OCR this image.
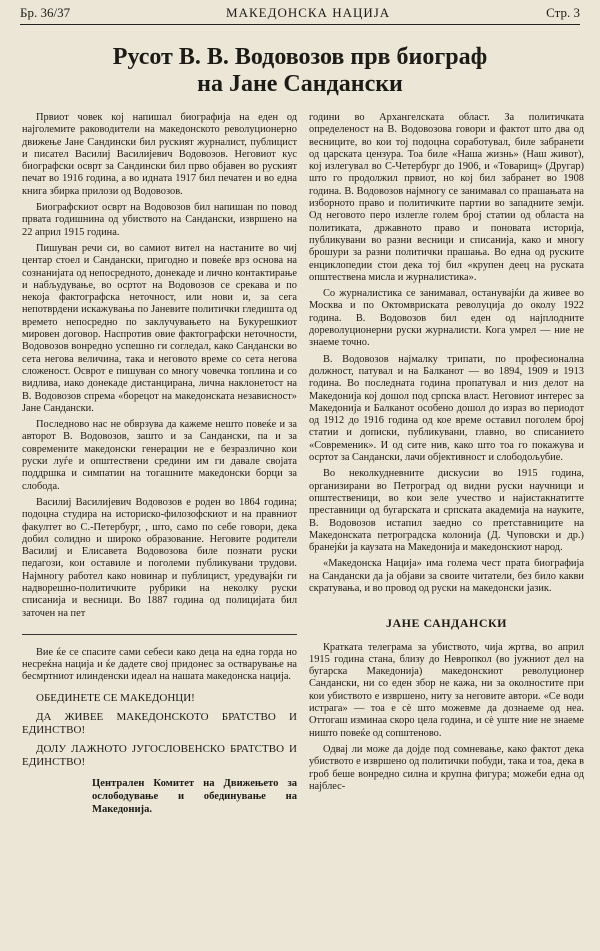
Бр. 36/37	МАКЕДОНСКА НАЦИЈА	Стр. 3
Русот В. В. Водовозов прв биограф
на Јане Сандански

Првиот човек кој напишал биографија на еден од најголемите раководители на македонското револуционерно движење Јане Сандински бил руският журналист, публицист и писател Василиј Василијевич Водовозов. Неговиот кус биографски осврт за Сандински бил прво објавен во руският печат во 1916 година, а во идната 1917 бил печатен и во една книга збирка прилози од Водовозов.

Биографскиот осврт на Водовозов бил напишан по повод првата годишнина од убиството на Сандански, извршено на 22 април 1915 година.

Пишуван речи си, во самиот вител на настаните во чиј центар стоел и Сандански, пригодно и повеќе врз основа на сознанијата од непосредното, донекаде и лично контактирање и набљудување, во осртот на Водовозов се срекава и по некоја фактографска неточност, или нови и, за сега непотврдени искажувања по Јаневите политички гледишта од времето непосредно по заклучувањето на Букурешкиот мировен договор. Наспротив овие фактографски неточности, Водовозов вонредно успешно ги согледал, како Сандански во сета негова величина, така и неговото време со сета негова сложеност. Осврот е пишуван со многу човечка топлина и со видлива, иако донекаде дистанцирана, лична наклонетост на В. Водовозов спрема «борецот на македонската независност» Јане Сандански.

Последново нас не обврзува да кажеме нешто повеќе и за авторот В. Водовозов, зашто и за Сандански, па и за современите македонски генерации не е безразлично кои руски луѓе и општествени средини им ги давале својата поддршка и симпатии на тогашните македонски борци за слобода.

Василиј Василијевич Водовозов е роден во 1864 година; подоцна студира на историско-филозофскиот и на правниот факултет во С.-Петербург, , што, само по себе говори, дека добил солидно и широко образование. Неговите родители Василиј и Елисавета Водовозова биле познати руски педагози, кои оставиле и поголеми публикувани трудови. Најмногу работел како новинар и публицист, уредувајќи ги надворешно-политичките рубрики на неколку руски списанија и весници. Во 1887 година од полицијата бил заточен на пет

Вие ќе се спасите сами себеси како деца на една горда но несреќна нација и ќе дадете свој придонес за остварување на бесмртниот илинденски идеал на нашата македонска нација.

ОБЕДИНЕТЕ СЕ МАКЕДОНЦИ!

ДА ЖИВЕЕ МАКЕДОНСКОТО БРАТСТВО И ЕДИНСТВО!

ДОЛУ ЛАЖНОТО ЈУГОСЛОВЕНСКО БРАТСТВО И ЕДИНСТВО!

Централен Комитет на Движењето за ослободување и обединување на Македонија.

години во Архангелската област. За политичката определеност на В. Водовозова говори и фактот што два од весниците, во кои тој подоцна соработувал, биле забранети од царската цензура. Тоа биле «Наша жизнь» (Наш живот), кој излегувал во С-Четербург до 1906, и «Товарищ» (Другар) што го продолжил првиот, но кој бил забранет во 1908 година. В. Водовозов најмногу се занимавал со прашањата на изборното право и политичките партии во западните земји. Од неговото перо излегле голем број статии од областа на политиката, државното право и поновата историја, публикувани во разни весници и списанија, како и многу брошури за разни политички прашања. Во една од руските енциклопедии стои дека тој бил «крупен деец на руската општествена мисла и журналистика».

Со журналистика се занимавал, останувајќи да живее во Москва и по Октомвриската револуција до околу 1922 година. В. Водовозов бил еден од најплодните дореволуционерни руски журналисти. Кога умрел — ние не знаеме точно.

В. Водовозов најмалку трипати, по професионална должност, патувал и на Балканот — во 1894, 1909 и 1913 година. Во последната година пропатувал и низ делот на Македонија кој дошол под српска власт. Неговиот интерес за Македонија и Балканот особено дошол до израз во периодот од 1912 до 1916 година од кое време оставил поголем број статии и дописки, публикувани, главно, во списанието «Современик». И од сите нив, како што тоа го покажува и осртот за Сандански, лачи објективност и слободољубие.

Во неколкудневните дискусии во 1915 година, организирани во Петроград од видни руски научници и општественици, во кои зеле учество и најистакнатитте преставници од бугарската и српската академија на науките, В. Водовозов истапил заедно со претставниците на Македонската петроградска колонија (Д. Чуповски и др.) бранејќи ја каузата на Македонија и македонскиот народ.

«Македонска Нација» има голема чест прата биографија на Сандански да ја објави за своите читатели, без било какви скратувања, и во провод од руски на македонски јазик.

ЈАНЕ САНДАНСКИ

Кратката телеграма за убиството, чија жртва, во април 1915 година стана, близу до Невропкол (во јужниот дел на бугарска Македонија) македонскиот револуционер Сандански, ни со еден збор не кажа, ни за околностите при кои убиството е извршено, ниту за неговите автори. «Се води истрага» — тоа е сè што можевме да дознаеме од неа. Оттогаш изминаа скоро цела година, и сè уште ние не знаеме ништо повеќе од сопштеново.

Одвај ли може да дојде под сомневање, како фактот дека убиството е извршено од политички побуди, така и тоа, дека в гроб беше вонредно силна и крупна фигура; можеби една од најблес-
